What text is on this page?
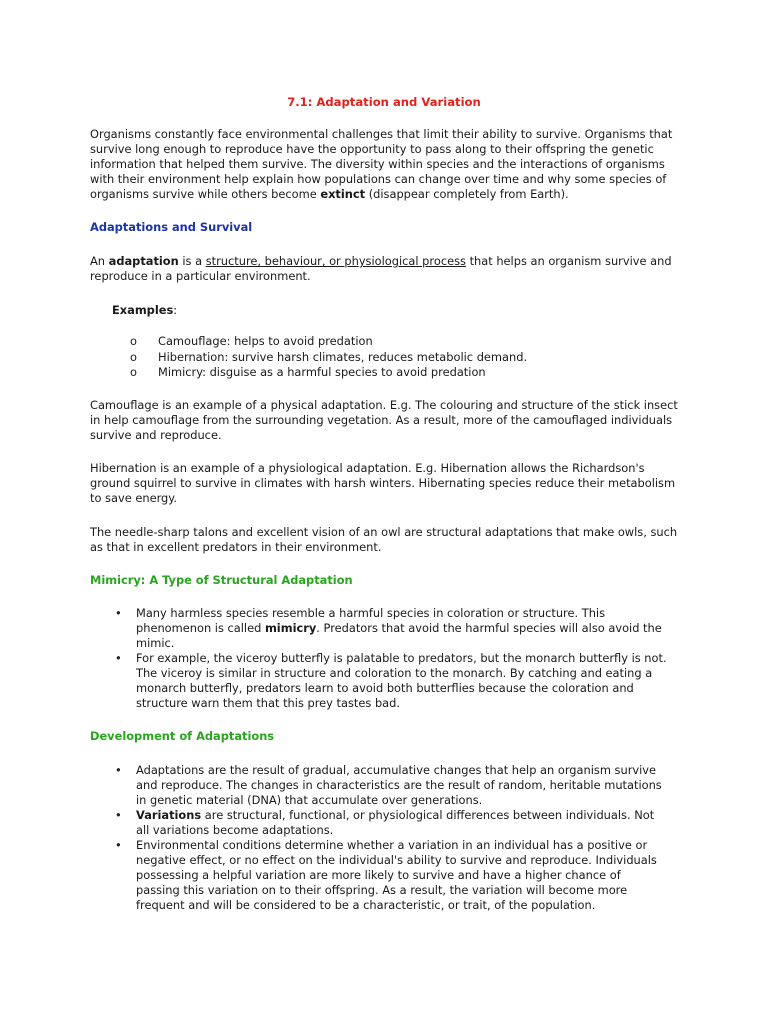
7.1: Adaptation and Variation

Organisms constantly face environmental challenges that limit their ability to survive. Organisms that survive long enough to reproduce have the opportunity to pass along to their offspring the genetic information that helped them survive. The diversity within species and the interactions of organisms with their environment help explain how populations can change over time and why some species of organisms survive while others become extinct (disappear completely from Earth).

Adaptations and Survival

An adaptation is a structure, behaviour, or physiological process that helps an organism survive and reproduce in a particular environment.

Examples:
o Camouflage: helps to avoid predation
o Hibernation: survive harsh climates, reduces metabolic demand.
o Mimicry: disguise as a harmful species to avoid predation

Camouflage is an example of a physical adaptation. E.g. The colouring and structure of the stick insect in help camouflage from the surrounding vegetation. As a result, more of the camouflaged individuals survive and reproduce.

Hibernation is an example of a physiological adaptation. E.g. Hibernation allows the Richardson's ground squirrel to survive in climates with harsh winters. Hibernating species reduce their metabolism to save energy.

The needle-sharp talons and excellent vision of an owl are structural adaptations that make owls, such as that in excellent predators in their environment.

Mimicry: A Type of Structural Adaptation
• Many harmless species resemble a harmful species in coloration or structure. This phenomenon is called mimicry. Predators that avoid the harmful species will also avoid the mimic.
• For example, the viceroy butterfly is palatable to predators, but the monarch butterfly is not. The viceroy is similar in structure and coloration to the monarch. By catching and eating a monarch butterfly, predators learn to avoid both butterflies because the coloration and structure warn them that this prey tastes bad.
Development of Adaptations
• Adaptations are the result of gradual, accumulative changes that help an organism survive and reproduce. The changes in characteristics are the result of random, heritable mutations in genetic material (DNA) that accumulate over generations.
• Variations are structural, functional, or physiological differences between individuals. Not all variations become adaptations.
• Environmental conditions determine whether a variation in an individual has a positive or negative effect, or no effect on the individual's ability to survive and reproduce. Individuals possessing a helpful variation are more likely to survive and have a higher chance of passing this variation on to their offspring. As a result, the variation will become more frequent and will be considered to be a characteristic, or trait, of the population.
